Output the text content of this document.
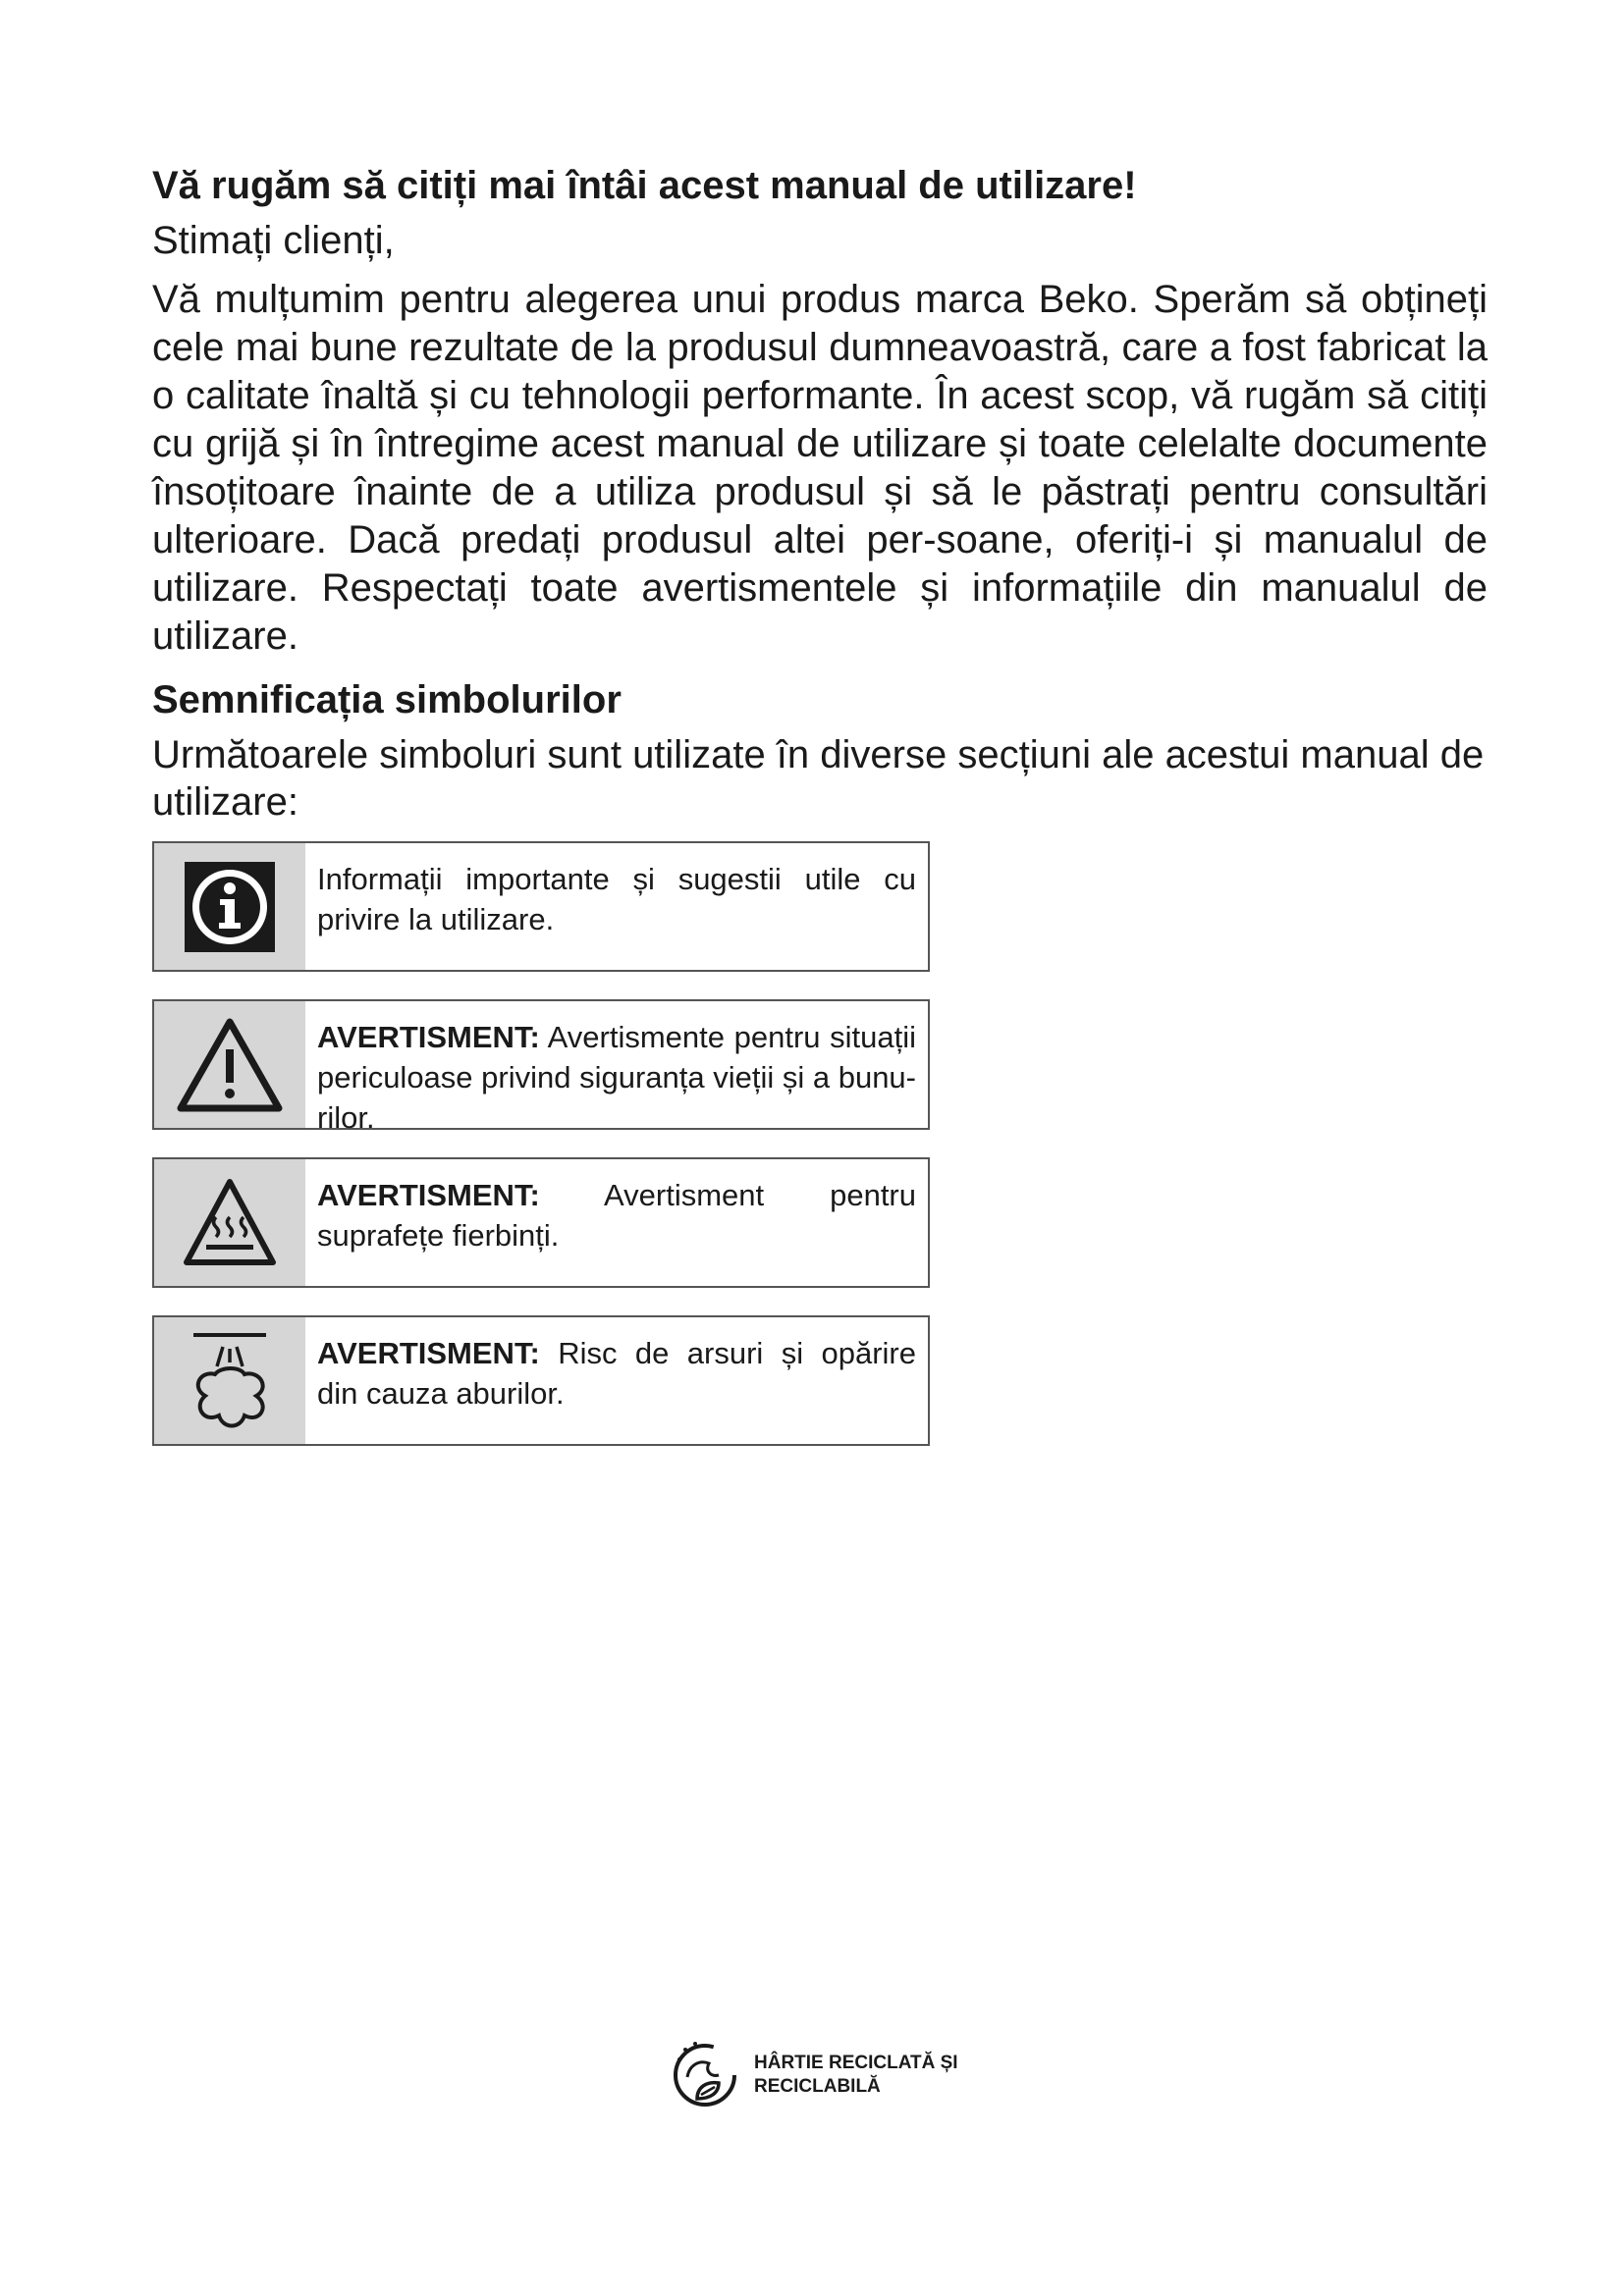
Vă rugăm să citiți mai întâi acest manual de utilizare!

Stimați clienți,

Vă mulțumim pentru alegerea unui produs marca Beko. Sperăm să obțineți cele mai bune rezultate de la produsul dumneavoastră, care a fost fabricat la o calitate înaltă și cu tehnologii performante. În acest scop, vă rugăm să citiți cu grijă și în întregime acest manual de utilizare și toate celelalte documente însoțitoare înainte de a utiliza produsul și să le păstrați pentru consultări ulterioare. Dacă predați produsul altei per-soane, oferiți-i și manualul de utilizare. Respectați toate avertismentele și informațiile din manualul de utilizare.

Semnificația simbolurilor

Următoarele simboluri sunt utilizate în diverse secțiuni ale acestui manual de utilizare:

Informații importante și sugestii utile cu privire la utilizare.
AVERTISMENT: Avertismente pentru situații periculoase privind siguranța vieții și a bunu-rilor.
AVERTISMENT: Avertisment pentru suprafețe fierbinți.
AVERTISMENT: Risc de arsuri și opărire din cauza aburilor.
HÂRTIE RECICLATĂ ȘI
RECICLABILĂ
